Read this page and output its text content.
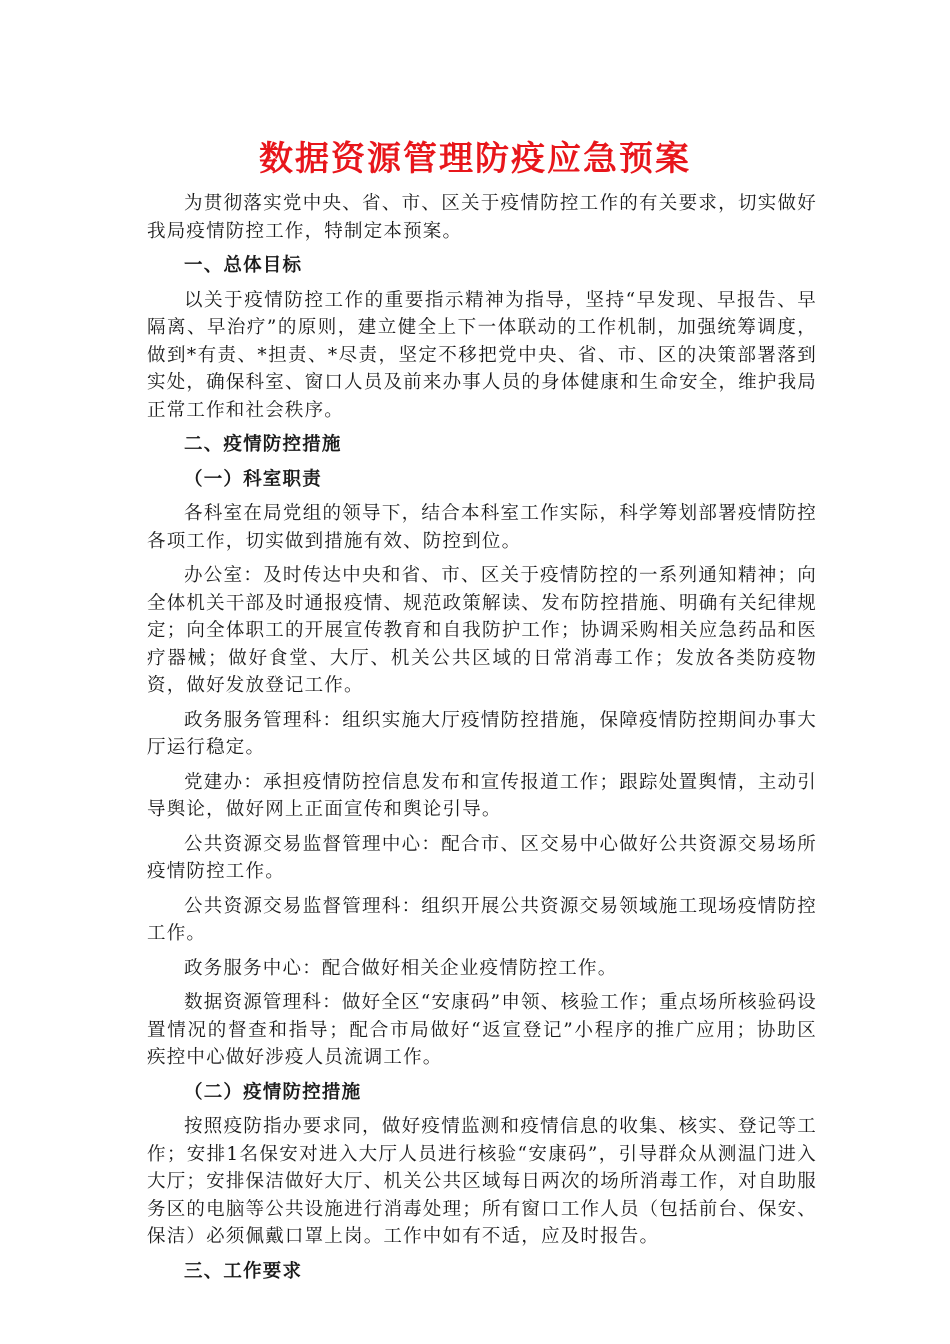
数据资源管理防疫应急预案

为贯彻落实党中央、省、市、区关于疫情防控工作的有关要求，切实做好我局疫情防控工作，特制定本预案。

一、总体目标

以关于疫情防控工作的重要指示精神为指导，坚持“早发现、早报告、早隔离、早治疗”的原则，建立健全上下一体联动的工作机制，加强统筹调度，做到*有责、*担责、*尽责，坚定不移把党中央、省、市、区的决策部署落到实处，确保科室、窗口人员及前来办事人员的身体健康和生命安全，维护我局正常工作和社会秩序。

二、疫情防控措施

（一）科室职责

各科室在局党组的领导下，结合本科室工作实际，科学筹划部署疫情防控各项工作，切实做到措施有效、防控到位。

办公室：及时传达中央和省、市、区关于疫情防控的一系列通知精神；向全体机关干部及时通报疫情、规范政策解读、发布防控措施、明确有关纪律规定；向全体职工的开展宣传教育和自我防护工作；协调采购相关应急药品和医疗器械；做好食堂、大厅、机关公共区域的日常消毒工作；发放各类防疫物资，做好发放登记工作。

政务服务管理科：组织实施大厅疫情防控措施，保障疫情防控期间办事大厅运行稳定。

党建办：承担疫情防控信息发布和宣传报道工作；跟踪处置舆情，主动引导舆论，做好网上正面宣传和舆论引导。

公共资源交易监督管理中心：配合市、区交易中心做好公共资源交易场所疫情防控工作。

公共资源交易监督管理科：组织开展公共资源交易领域施工现场疫情防控工作。

政务服务中心：配合做好相关企业疫情防控工作。

数据资源管理科：做好全区“安康码”申领、核验工作；重点场所核验码设置情况的督查和指导；配合市局做好“返宣登记”小程序的推广应用；协助区疾控中心做好涉疫人员流调工作。

（二）疫情防控措施

按照疫防指办要求同，做好疫情监测和疫情信息的收集、核实、登记等工作；安排1名保安对进入大厅人员进行核验“安康码”，引导群众从测温门进入大厅；安排保洁做好大厅、机关公共区域每日两次的场所消毒工作，对自助服务区的电脑等公共设施进行消毒处理；所有窗口工作人员（包括前台、保安、保洁）必须佩戴口罩上岗。工作中如有不适，应及时报告。

三、工作要求
